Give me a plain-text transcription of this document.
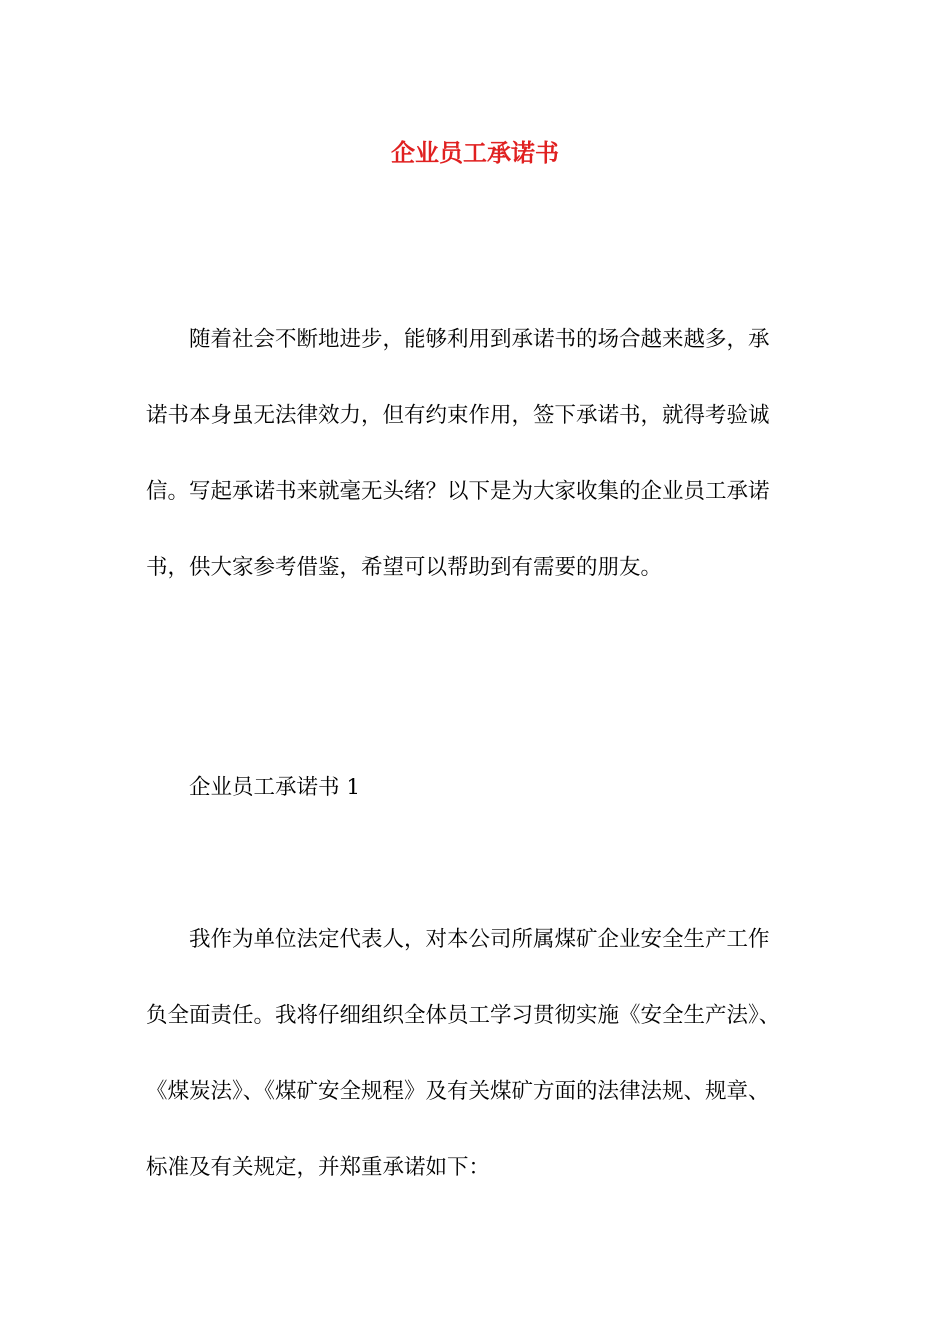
企业员工承诺书
随着社会不断地进步，能够利用到承诺书的场合越来越多，承
诺书本身虽无法律效力，但有约束作用，签下承诺书，就得考验诚
信。写起承诺书来就毫无头绪？以下是为大家收集的企业员工承诺
书，供大家参考借鉴，希望可以帮助到有需要的朋友。
企业员工承诺书 1
我作为单位法定代表人，对本公司所属煤矿企业安全生产工作
负全面责任。我将仔细组织全体员工学习贯彻实施《安全生产法》、
《煤炭法》、《煤矿安全规程》及有关煤矿方面的法律法规、规章、
标准及有关规定，并郑重承诺如下：
